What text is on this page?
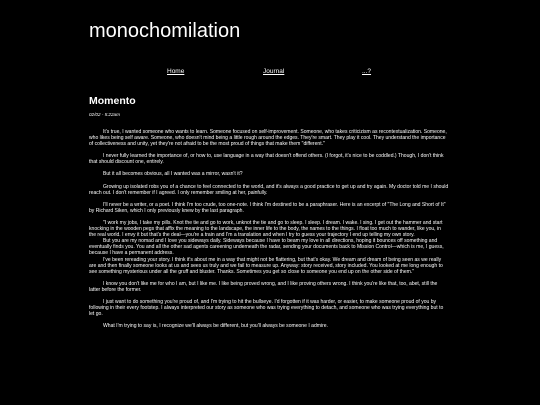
monochomilation
Home	Journal	...?
Momento
02/02 - 5:22am

It's true, I wanted someone who wants to learn. Someone focused on self-improvement. Someone, who takes criticizism as recontextualization. Someone, who likes being self aware. Someone, who doesn't mind being a little rough around the edges. They're smart. They play it cool. They understand the importance of collectiveness and unity, yet they're not afraid to be the most proud of things that make them "different."

I never fully learned the importance of, or how to, use language in a way that doesn't offend others. (I forgot, it's nice to be coddled.) Though, I don't think that should discount one, entirely.

But it all becomes obvious, all I wanted was a mirror, wasn't it?

Growing up isolated robs you of a chance to feel connected to the world, and it's always a good practice to get up and try again. My doctor told me I should reach out. I don't remember if I agreed. I only remember smiling at her, painfully.

I'll never be a writer, or a poet. I think I'm too crude, too one-note. I think I'm destined to be a paraphraser. Here is an excerpt of "The Long and Short of It" by Richard Siken, which I only previously knew by the last paragraph.

"I work my jobs, I take my pills. Knot the tie and go to work, unknot the tie and go to sleep. I sleep. I dream. I wake. I sing. I get out the hammer and start knocking in the wooden pegs that affix the meaning to the landscape, the inner life to the body, the names to the things. I float too much to wander, like you, in the real world. I envy it but that's the deal—you're a train and I'm a translation and when I try to guess your trajectory I end up telling my own story.

But you are my nomad and I love you sideways daily. Sideways because I have to beam my love in all directions, hoping it bounces off something and eventually finds you. You and all the other sad agents careening underneath the radar, sending your documents back to Mission Control—which is me, I guess, because I have a permanent address.

I've been rereading your story. I think it's about me in a way that might not be flattering, but that's okay. We dream and dream of being seen as we really are and then finally someone looks at us and sees us truly and we fail to measure up. Anyway: story received, story included. You looked at me long enough to see something mysterious under all the gruff and bluster. Thanks. Sometimes you get so close to someone you end up on the other side of them."

I know you don't like me for who I am, but I like me. I like being proved wrong, and I like proving others wrong. I think you're like that, too, abet, still the latter before the former.

I just want to do something you're proud of, and I'm trying to hit the bullseye. I'd forgotten if it was harder, or easier, to make someone proud of you by following in their every footstep. I always interpreted our story as someone who was trying everything to detach, and someone who was trying everything but to let go.

What I'm trying to say is, I recognize we'll always be different, but you'll always be someone I admire.
